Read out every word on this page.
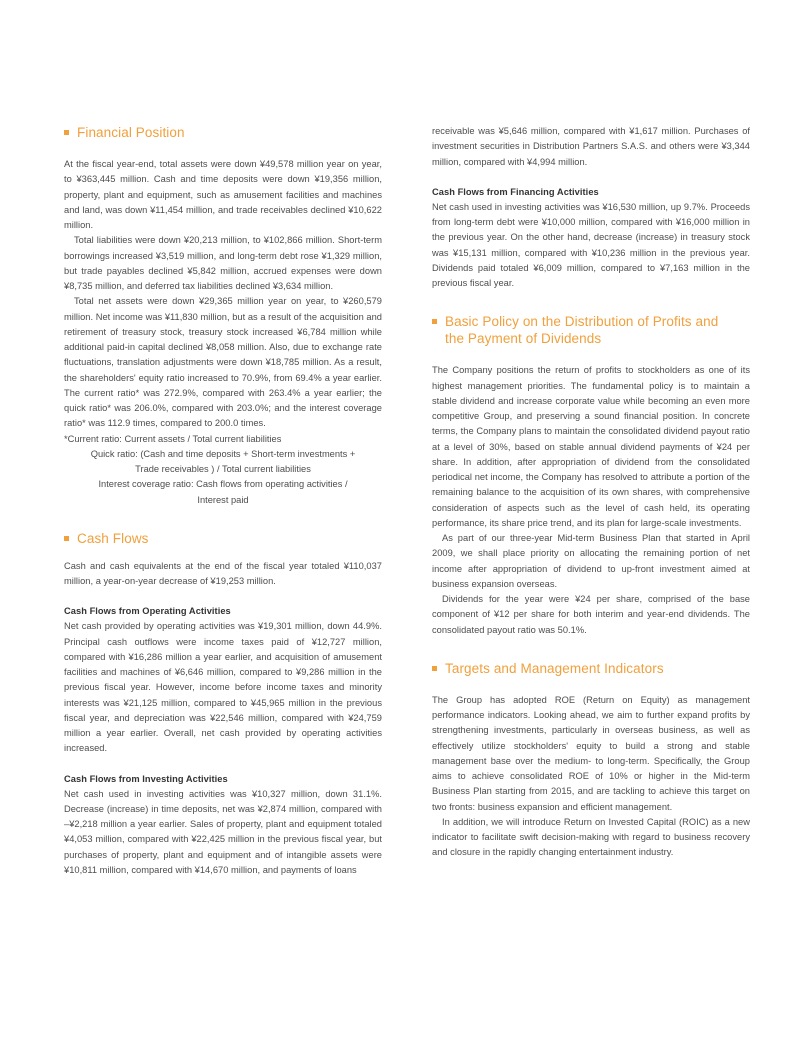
Financial Position

At the fiscal year-end, total assets were down ¥49,578 million year on year, to ¥363,445 million. Cash and time deposits were down ¥19,356 million, property, plant and equipment, such as amusement facilities and machines and land, was down ¥11,454 million, and trade receivables declined ¥10,622 million.

Total liabilities were down ¥20,213 million, to ¥102,866 million. Short-term borrowings increased ¥3,519 million, and long-term debt rose ¥1,329 million, but trade payables declined ¥5,842 million, accrued expenses were down ¥8,735 million, and deferred tax liabilities declined ¥3,634 million.

Total net assets were down ¥29,365 million year on year, to ¥260,579 million. Net income was ¥11,830 million, but as a result of the acquisition and retirement of treasury stock, treasury stock increased ¥6,784 million while additional paid-in capital declined ¥8,058 million. Also, due to exchange rate fluctuations, translation adjustments were down ¥18,785 million. As a result, the shareholders' equity ratio increased to 70.9%, from 69.4% a year earlier. The current ratio* was 272.9%, compared with 263.4% a year earlier; the quick ratio* was 206.0%, compared with 203.0%; and the interest coverage ratio* was 112.9 times, compared to 200.0 times.

*Current ratio: Current assets / Total current liabilities

Quick ratio: (Cash and time deposits + Short-term investments +

Trade receivables ) / Total current liabilities

Interest coverage ratio: Cash flows from operating activities /

Interest paid

Cash Flows

Cash and cash equivalents at the end of the fiscal year totaled ¥110,037 million, a year-on-year decrease of ¥19,253 million.

Cash Flows from Operating Activities

Net cash provided by operating activities was ¥19,301 million, down 44.9%. Principal cash outflows were income taxes paid of ¥12,727 million, compared with ¥16,286 million a year earlier, and acquisition of amusement facilities and machines of ¥6,646 million, compared to ¥9,286 million in the previous fiscal year. However, income before income taxes and minority interests was ¥21,125 million, compared to ¥45,965 million in the previous fiscal year, and depreciation was ¥22,546 million, compared with ¥24,759 million a year earlier. Overall, net cash provided by operating activities increased.

Cash Flows from Investing Activities

Net cash used in investing activities was ¥10,327 million, down 31.1%. Decrease (increase) in time deposits, net was ¥2,874 million, compared with –¥2,218 million a year earlier. Sales of property, plant and equipment totaled ¥4,053 million, compared with ¥22,425 million in the previous fiscal year, but purchases of property, plant and equipment and of intangible assets were ¥10,811 million, compared with ¥14,670 million, and payments of loans

receivable was ¥5,646 million, compared with ¥1,617 million. Purchases of investment securities in Distribution Partners S.A.S. and others were ¥3,344 million, compared with ¥4,994 million.

Cash Flows from Financing Activities

Net cash used in investing activities was ¥16,530 million, up 9.7%. Proceeds from long-term debt were ¥10,000 million, compared with ¥16,000 million in the previous year. On the other hand, decrease (increase) in treasury stock was ¥15,131 million, compared with ¥10,236 million in the previous year. Dividends paid totaled ¥6,009 million, compared to ¥7,163 million in the previous fiscal year.

Basic Policy on the Distribution of Profits and
the Payment of Dividends

The Company positions the return of profits to stockholders as one of its highest management priorities. The fundamental policy is to maintain a stable dividend and increase corporate value while becoming an even more competitive Group, and preserving a sound financial position. In concrete terms, the Company plans to maintain the consolidated dividend payout ratio at a level of 30%, based on stable annual dividend payments of ¥24 per share. In addition, after appropriation of dividend from the consolidated periodical net income, the Company has resolved to attribute a portion of the remaining balance to the acquisition of its own shares, with comprehensive consideration of aspects such as the level of cash held, its operating performance, its share price trend, and its plan for large-scale investments.

As part of our three-year Mid-term Business Plan that started in April 2009, we shall place priority on allocating the remaining portion of net income after appropriation of dividend to up-front investment aimed at business expansion overseas.

Dividends for the year were ¥24 per share, comprised of the base component of ¥12 per share for both interim and year-end dividends. The consolidated payout ratio was 50.1%.

Targets and Management Indicators

The Group has adopted ROE (Return on Equity) as management performance indicators. Looking ahead, we aim to further expand profits by strengthening investments, particularly in overseas business, as well as effectively utilize stockholders' equity to build a strong and stable management base over the medium- to long-term. Specifically, the Group aims to achieve consolidated ROE of 10% or higher in the Mid-term Business Plan starting from 2015, and are tackling to achieve this target on two fronts: business expansion and efficient management.

In addition, we will introduce Return on Invested Capital (ROIC) as a new indicator to facilitate swift decision-making with regard to business recovery and closure in the rapidly changing entertainment industry.
